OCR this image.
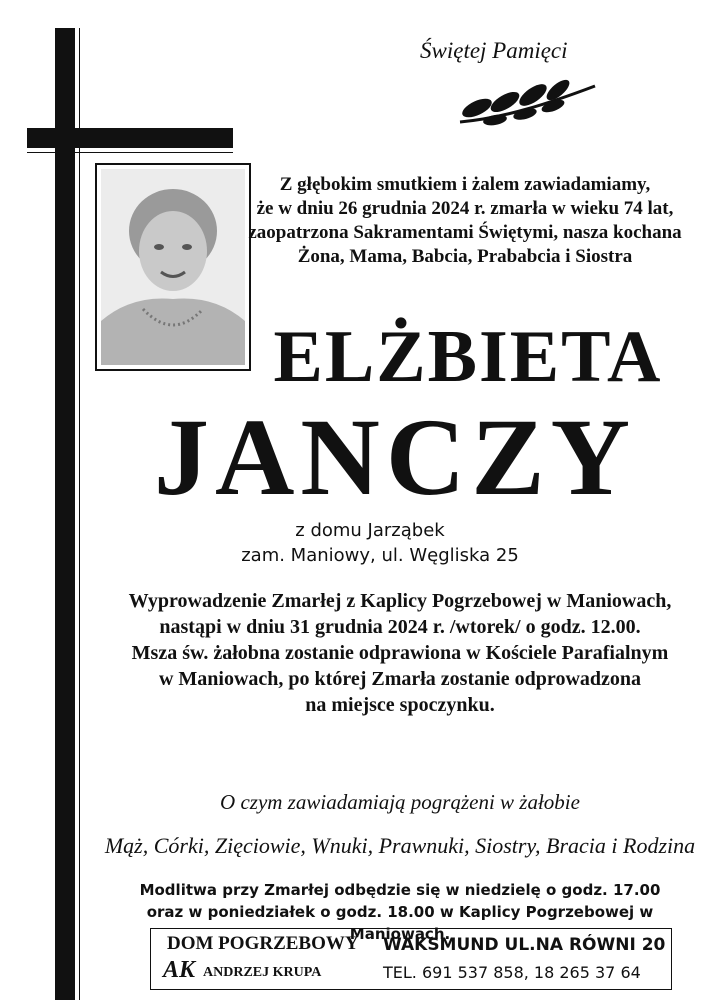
Świętej Pamięci
Z głębokim smutkiem i żalem zawiadamiamy,
że w dniu 26 grudnia 2024 r. zmarła w wieku 74 lat,
zaopatrzona Sakramentami Świętymi, nasza kochana
Żona, Mama, Babcia, Prababcia i Siostra
ELŻBIETA
JANCZY
z domu Jarząbek
zam. Maniowy, ul. Węgliska 25
Wyprowadzenie Zmarłej z Kaplicy Pogrzebowej w Maniowach,
nastąpi w dniu 31 grudnia 2024 r. /wtorek/ o godz. 12.00.
Msza św. żałobna zostanie odprawiona w Kościele Parafialnym
w Maniowach, po której Zmarła zostanie odprowadzona
na miejsce spoczynku.
O czym zawiadamiają pogrążeni w żałobie
Mąż, Córki, Zięciowie, Wnuki, Prawnuki, Siostry, Bracia i Rodzina
Modlitwa przy Zmarłej odbędzie się w niedzielę o godz. 17.00
oraz w poniedziałek o godz. 18.00 w Kaplicy Pogrzebowej w Maniowach.
DOM POGRZEBOWY
AK ANDRZEJ KRUPA
WAKSMUND UL.NA RÓWNI 20
TEL. 691 537 858, 18 265 37 64
